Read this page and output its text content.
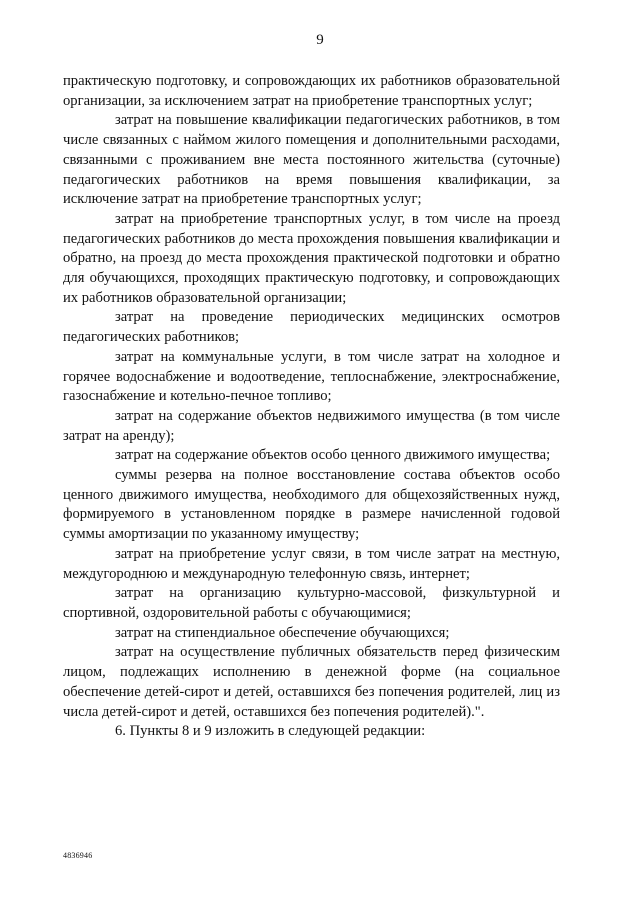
9

практическую подготовку, и сопровождающих их работников образовательной организации, за исключением затрат на приобретение транспортных услуг;

затрат на повышение квалификации педагогических работников, в том числе связанных с наймом жилого помещения и дополнительными расходами, связанными с проживанием вне места постоянного жительства (суточные) педагогических работников на время повышения квалификации, за исключение затрат на приобретение транспортных услуг;

затрат на приобретение транспортных услуг, в том числе на проезд педагогических работников до места прохождения повышения квалификации и обратно, на проезд до места прохождения практической подготовки и обратно для обучающихся, проходящих практическую подготовку, и сопровождающих их работников образовательной организации;

затрат на проведение периодических медицинских осмотров педагогических работников;

затрат на коммунальные услуги, в том числе затрат на холодное и горячее водоснабжение и водоотведение, теплоснабжение, электроснабжение, газоснабжение и котельно-печное топливо;

затрат на содержание объектов недвижимого имущества (в том числе затрат на аренду);

затрат на содержание объектов особо ценного движимого имущества;

суммы резерва на полное восстановление состава объектов особо ценного движимого имущества, необходимого для общехозяйственных нужд, формируемого в установленном порядке в размере начисленной годовой суммы амортизации по указанному имуществу;

затрат на приобретение услуг связи, в том числе затрат на местную, междугороднюю и международную телефонную связь, интернет;

затрат на организацию культурно-массовой, физкультурной и спортивной, оздоровительной работы с обучающимися;

затрат на стипендиальное обеспечение обучающихся;

затрат на осуществление публичных обязательств перед физическим лицом, подлежащих исполнению в денежной форме (на социальное обеспечение детей-сирот и детей, оставшихся без попечения родителей, лиц из числа детей-сирот и детей, оставшихся без попечения родителей).".

6. Пункты 8 и 9 изложить в следующей редакции:

4836946
